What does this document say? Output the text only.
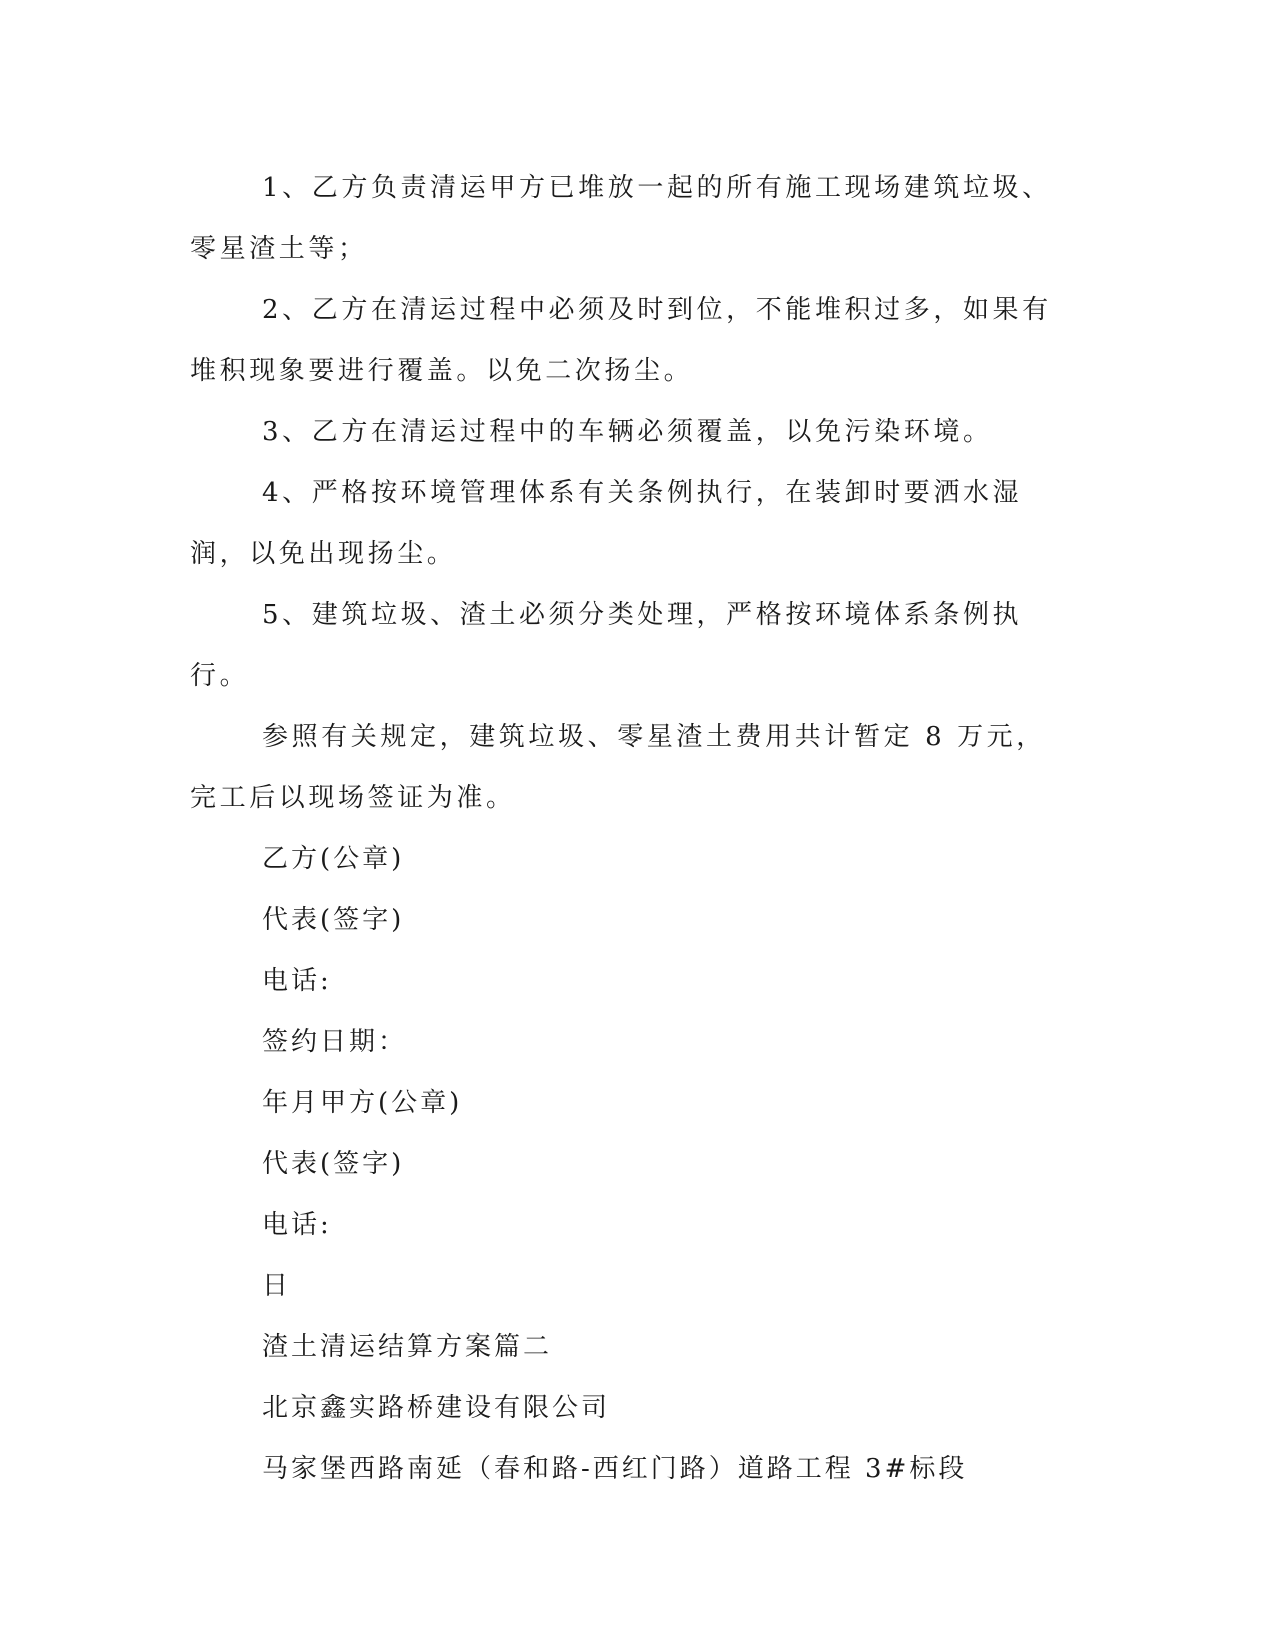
1、乙方负责清运甲方已堆放一起的所有施工现场建筑垃圾、零星渣土等；

2、乙方在清运过程中必须及时到位，不能堆积过多，如果有堆积现象要进行覆盖。以免二次扬尘。

3、乙方在清运过程中的车辆必须覆盖，以免污染环境。

4、严格按环境管理体系有关条例执行，在装卸时要洒水湿润，以免出现扬尘。

5、建筑垃圾、渣土必须分类处理，严格按环境体系条例执行。

参照有关规定，建筑垃圾、零星渣土费用共计暂定 8 万元，完工后以现场签证为准。

乙方(公章)

代表(签字)

电话:

签约日期：

年月甲方(公章)

代表(签字)

电话:

日

渣土清运结算方案篇二

北京鑫实路桥建设有限公司

马家堡西路南延（春和路-西红门路）道路工程 3#标段
